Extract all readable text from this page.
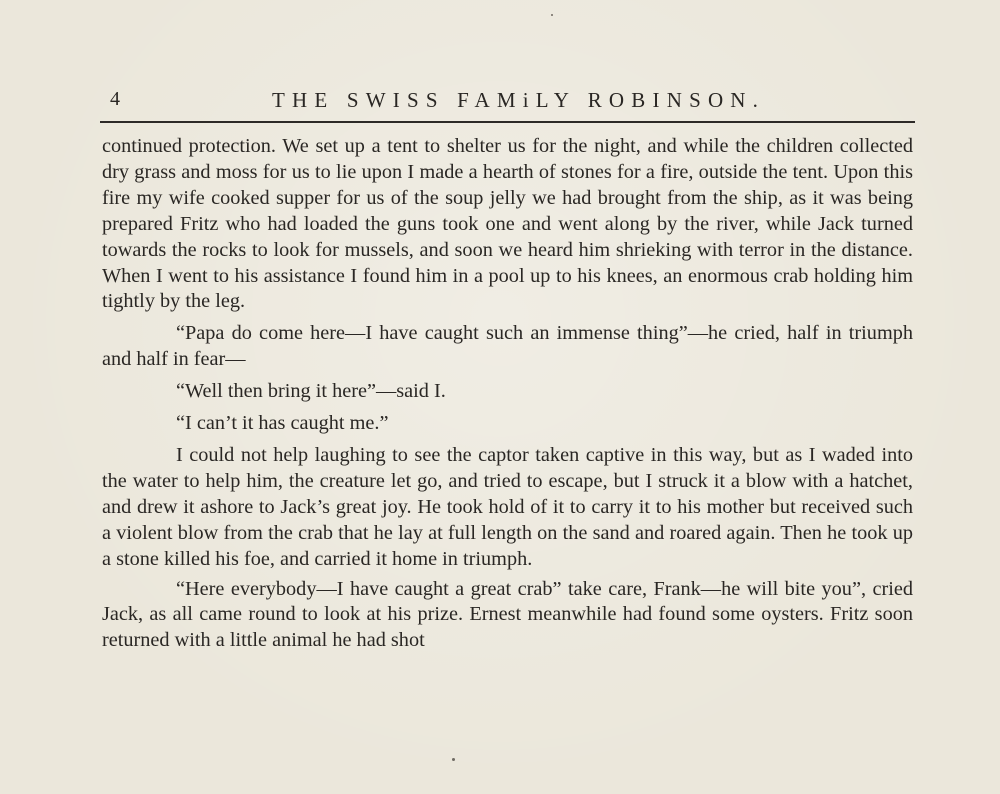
4	THE SWISS FAMiLY ROBINSON.

continued protection. We set up a tent to shelter us for the night, and while the children collected dry grass and moss for us to lie upon I made a hearth of stones for a fire, outside the tent. Upon this fire my wife cooked supper for us of the soup jelly we had brought from the ship, as it was being prepared Fritz who had loaded the guns took one and went along by the river, while Jack turned towards the rocks to look for mussels, and soon we heard him shrieking with terror in the distance. When I went to his assistance I found him in a pool up to his knees, an enormous crab holding him tightly by the leg.

“Papa do come here—I have caught such an immense thing”—he cried, half in triumph and half in fear—

“Well then bring it here”—said I.

“I can’t it has caught me.”

I could not help laughing to see the captor taken captive in this way, but as I waded into the water to help him, the creature let go, and tried to escape, but I struck it a blow with a hatchet, and drew it ashore to Jack’s great joy. He took hold of it to carry it to his mother but received such a violent blow from the crab that he lay at full length on the sand and roared again. Then he took up a stone killed his foe, and carried it home in triumph.

“Here everybody—I have caught a great crab” take care, Frank—he will bite you”, cried Jack, as all came round to look at his prize. Ernest meanwhile had found some oysters. Fritz soon returned with a little animal he had shot
